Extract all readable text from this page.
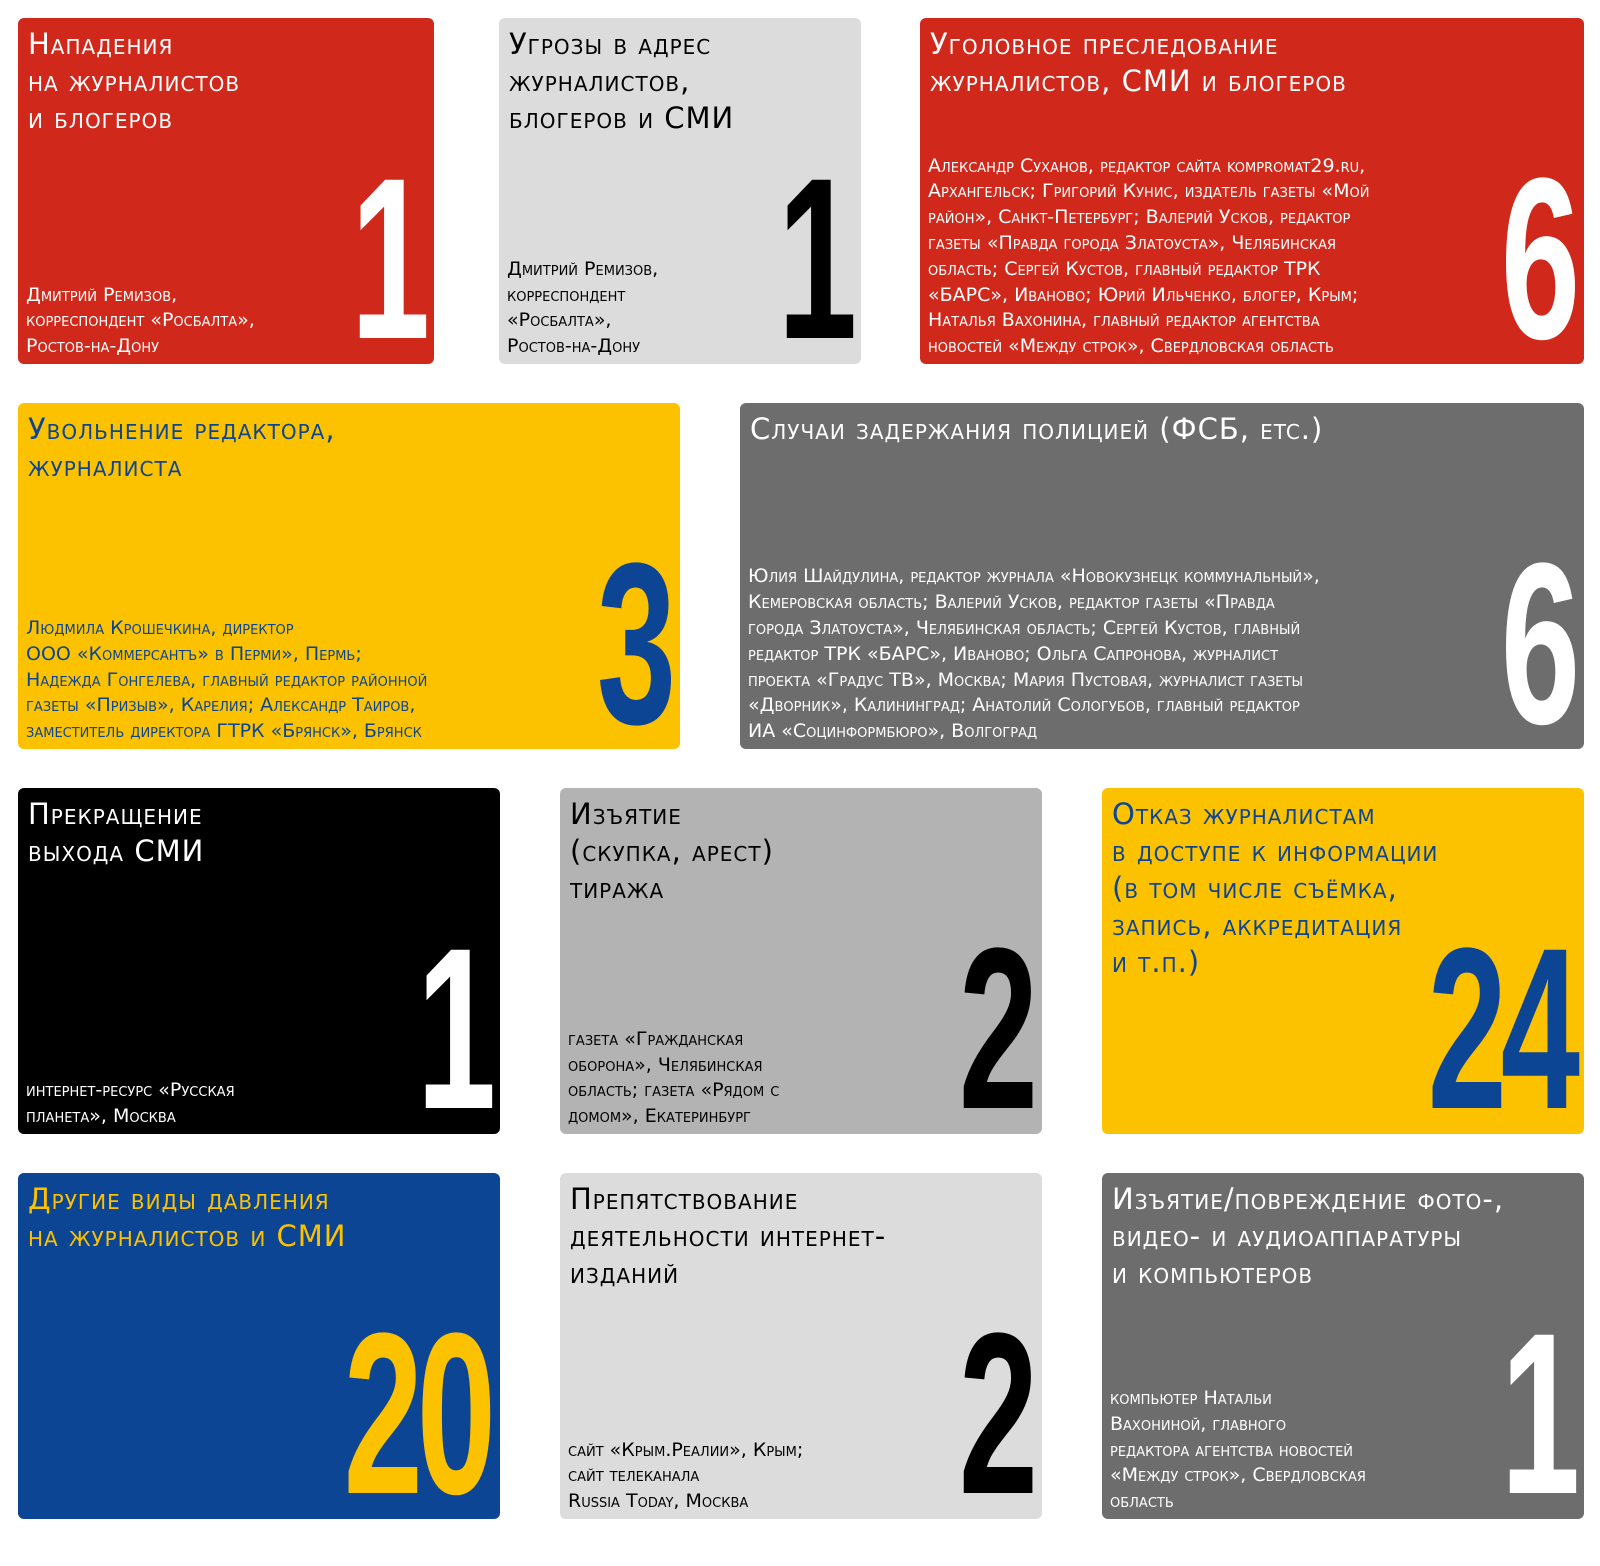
Нападения
на журналистов
и блогеров

Дмитрий Ремизов,
корреспондент «Росбалта»,
Ростов-на-Дону 1
Угрозы в адрес
журналистов,
блогеров и СМИ

Дмитрий Ремизов,
корреспондент
«Росбалта»,
Ростов-на-Дону 1
Уголовное преследование
журналистов, СМИ и блогеров

Александр Суханов, редактор сайта kompromat29.ru,
Архангельск; Григорий Кунис, издатель газеты «Мой
район», Санкт-Петербург; Валерий Усков, редактор
газеты «Правда города Златоуста», Челябинская
область; Сергей Кустов, главный редактор ТРК
«БАРС», Иваново; Юрий Ильченко, блогер, Крым;
Наталья Вахонина, главный редактор агентства
новостей «Между строк», Свердловская область 6
Увольнение редактора,
журналиста

Людмила Крошечкина, директор
ООО «Коммерсантъ» в Перми», Пермь;
Надежда Гонгелева, главный редактор районной
газеты «Призыв», Карелия; Александр Таиров,
заместитель директора ГТРК «Брянск», Брянск 3
Случаи задержания полицией (ФСБ, etc.)

Юлия Шайдулина, редактор журнала «Новокузнецк коммунальный»,
Кемеровская область; Валерий Усков, редактор газеты «Правда
города Златоуста», Челябинская область; Сергей Кустов, главный
редактор ТРК «БАРС», Иваново; Ольга Сапронова, журналист
проекта «Градус ТВ», Москва; Мария Пустовая, журналист газеты
«Дворник», Калининград; Анатолий Сологубов, главный редактор
ИА «Социнформбюро», Волгоград	6
Прекращение
выхода СМИ

интернет-ресурс «Русская
планета», Москва 1
Изъятие
(скупка, арест)
тиража

газета «Гражданская
оборона», Челябинская
область; газета «Рядом с
домом», Екатеринбург 2
Отказ журналистам
в доступе к информации
(в том числе съёмка,
запись, аккредитация
и т.п.) 24
Другие виды давления
на журналистов и СМИ

20
Препятствование
деятельности интернет-
изданий

сайт «Крым.Реалии», Крым;
сайт телеканала
Russia Today, Москва 2
Изъятие/повреждение фото-,
видео- и аудиоаппаратуры
и компьютеров

компьютер Натальи
Вахониной, главного
редактора агентства новостей
«Между строк», Свердловская
область	1
